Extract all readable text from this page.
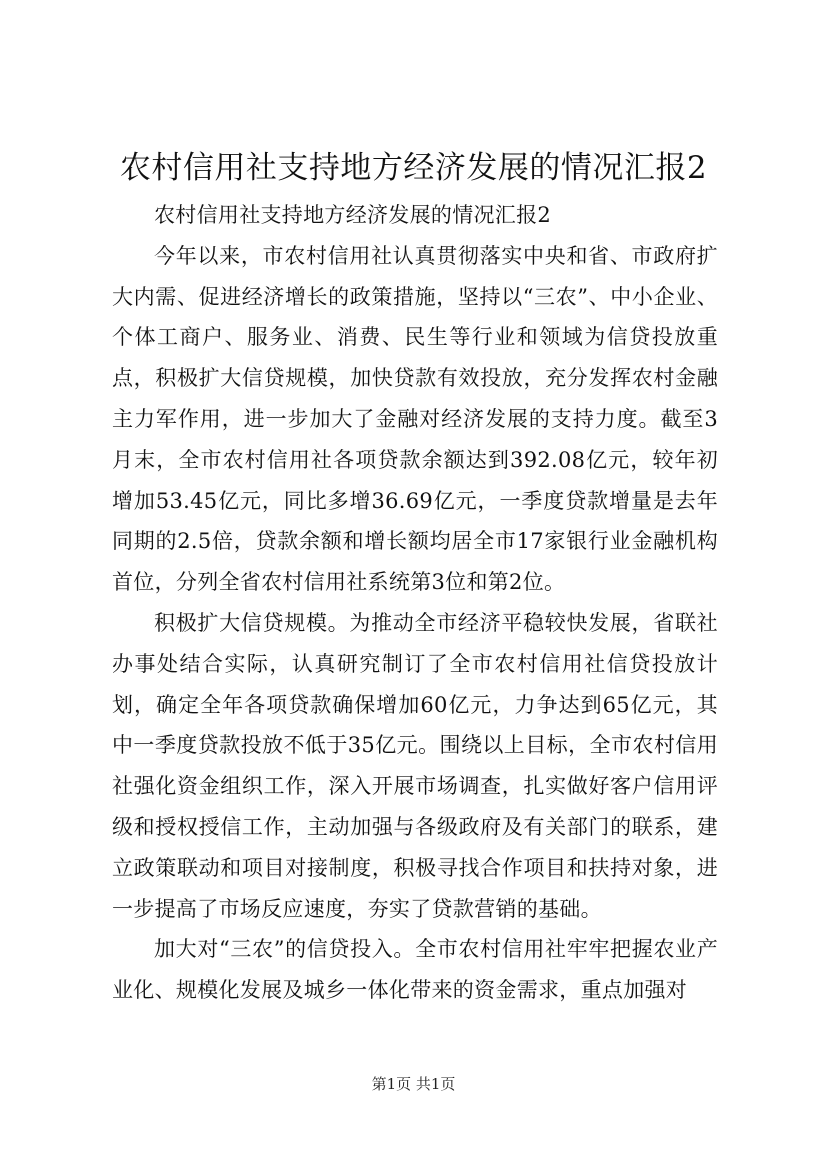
农村信用社支持地方经济发展的情况汇报2

农村信用社支持地方经济发展的情况汇报2

今年以来，市农村信用社认真贯彻落实中央和省、市政府扩大内需、促进经济增长的政策措施，坚持以“三农”、中小企业、个体工商户、服务业、消费、民生等行业和领域为信贷投放重点，积极扩大信贷规模，加快贷款有效投放，充分发挥农村金融主力军作用，进一步加大了金融对经济发展的支持力度。截至3月末，全市农村信用社各项贷款余额达到392.08亿元，较年初增加53.45亿元，同比多增36.69亿元，一季度贷款增量是去年同期的2.5倍，贷款余额和增长额均居全市17家银行业金融机构首位，分列全省农村信用社系统第3位和第2位。

积极扩大信贷规模。为推动全市经济平稳较快发展，省联社办事处结合实际，认真研究制订了全市农村信用社信贷投放计划，确定全年各项贷款确保增加60亿元，力争达到65亿元，其中一季度贷款投放不低于35亿元。围绕以上目标，全市农村信用社强化资金组织工作，深入开展市场调查，扎实做好客户信用评级和授权授信工作，主动加强与各级政府及有关部门的联系，建立政策联动和项目对接制度，积极寻找合作项目和扶持对象，进一步提高了市场反应速度，夯实了贷款营销的基础。

加大对“三农”的信贷投入。全市农村信用社牢牢把握农业产业化、规模化发展及城乡一体化带来的资金需求，重点加强对

第1页 共1页
